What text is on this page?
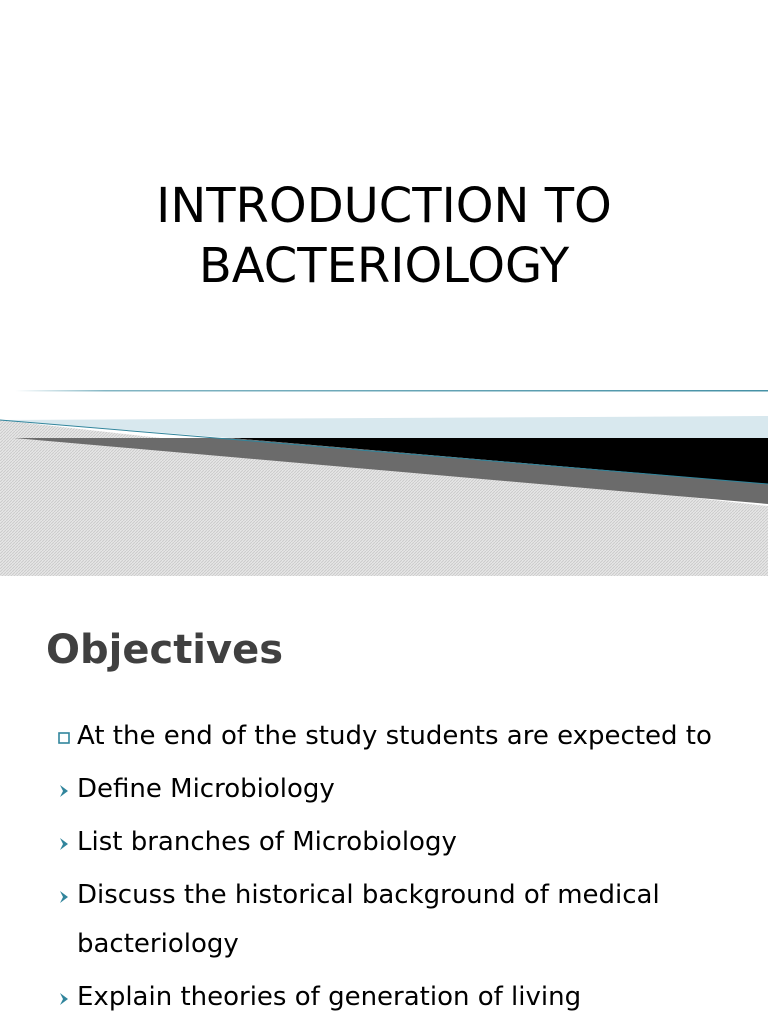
INTRODUCTION TO
BACTERIOLOGY
Objectives
At the end of the study students are expected to
Define Microbiology
List branches of Microbiology
Discuss the historical background of medical bacteriology
Explain theories of generation of living
